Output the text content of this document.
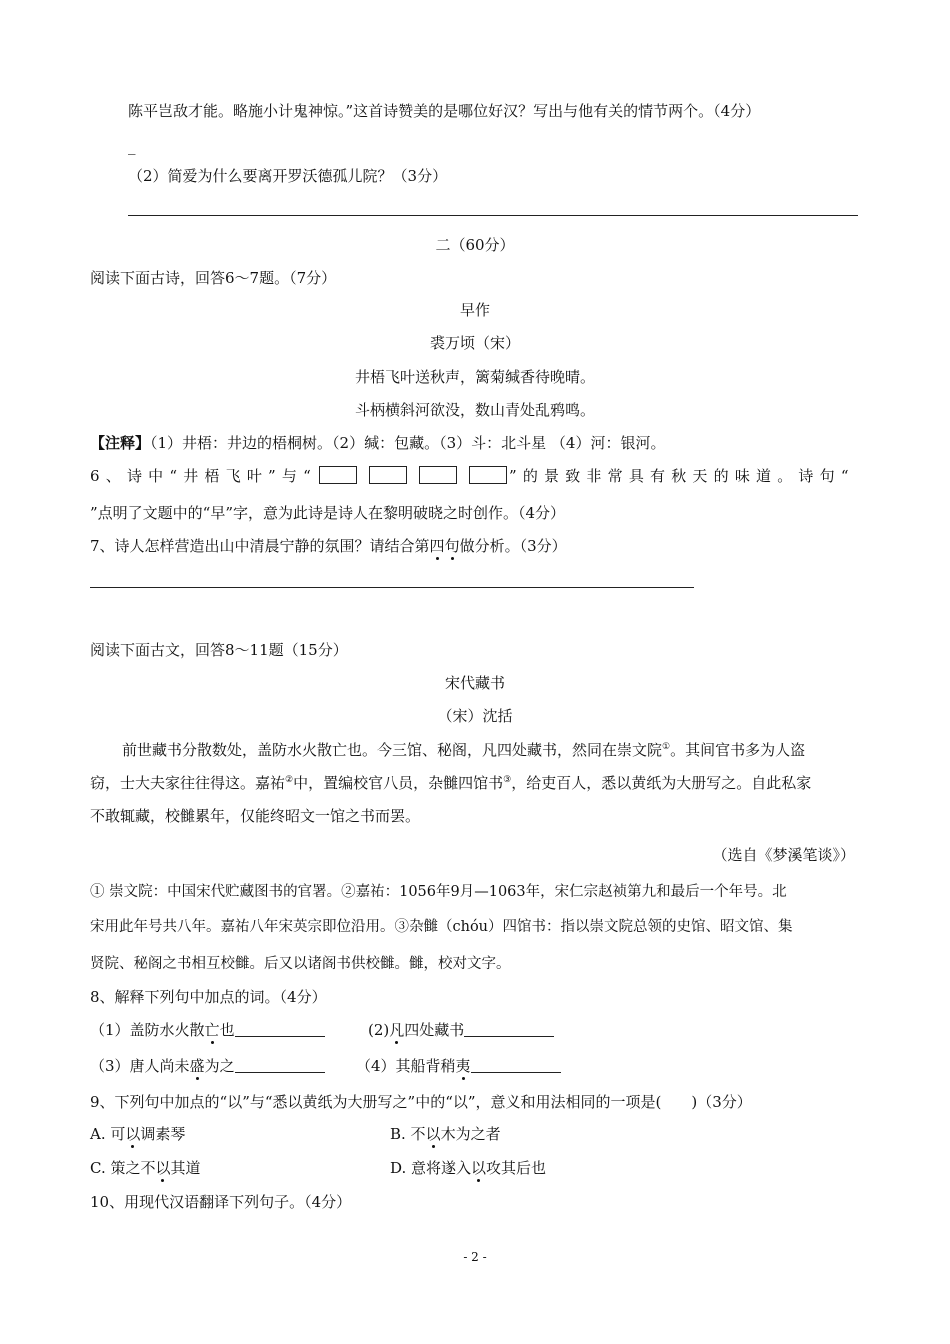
陈平岂敌才能。略施小计鬼神惊。”这首诗赞美的是哪位好汉？写出与他有关的情节两个。（4分）
_
（2）简爱为什么要离开罗沃德孤儿院？（3分）
二（60分）
阅读下面古诗，回答6～7题。（7分）
早作
裘万顷（宋）
井梧飞叶送秋声，篱菊缄香待晚晴。
斗柄横斜河欲没，数山青处乱鸦鸣。
【注释】（1）井梧：井边的梧桐树。（2）缄：包藏。（3）斗：北斗星 （4）河：银河。
6、诗中“井梧飞叶”与“	”的景致非常具有秋天的味道。诗句“
”点明了文题中的“早”字，意为此诗是诗人在黎明破晓之时创作。（4分）
7、诗人怎样营造出山中清晨宁静的氛围？请结合第四句做分析。（3分）
阅读下面古文，回答8～11题（15分）
宋代藏书
（宋）沈括
前世藏书分散数处，盖防水火散亡也。今三馆、秘阁，凡四处藏书，然同在崇文院①。其间官书多为人盗
窃，士大夫家往往得这。嘉祐②中，置编校官八员，杂雠四馆书③，给吏百人，悉以黄纸为大册写之。自此私家
不敢辄藏，校雠累年，仅能终昭文一馆之书而罢。
（选自《梦溪笔谈》）
① 崇文院：中国宋代贮藏图书的官署。②嘉祐：1056年9月—1063年，宋仁宗赵祯第九和最后一个年号。北
宋用此年号共八年。嘉祐八年宋英宗即位沿用。③杂雠（chóu）四馆书：指以崇文院总领的史馆、昭文馆、集
贤院、秘阁之书相互校雠。后又以诸阁书供校雠。雠，校对文字。
8、解释下列句中加点的词。（4分）
（1）盖防水火散亡也	(2)凡四处藏书
（3）唐人尚未盛为之	（4）其船背稍夷
9、下列句中加点的“以”与“悉以黄纸为大册写之”中的“以”，意义和用法相同的一项是(　　)（3分）
A. 可以调素琴	B. 不以木为之者
C. 策之不以其道	D. 意将遂入以攻其后也
10、用现代汉语翻译下列句子。（4分）
- 2 -
